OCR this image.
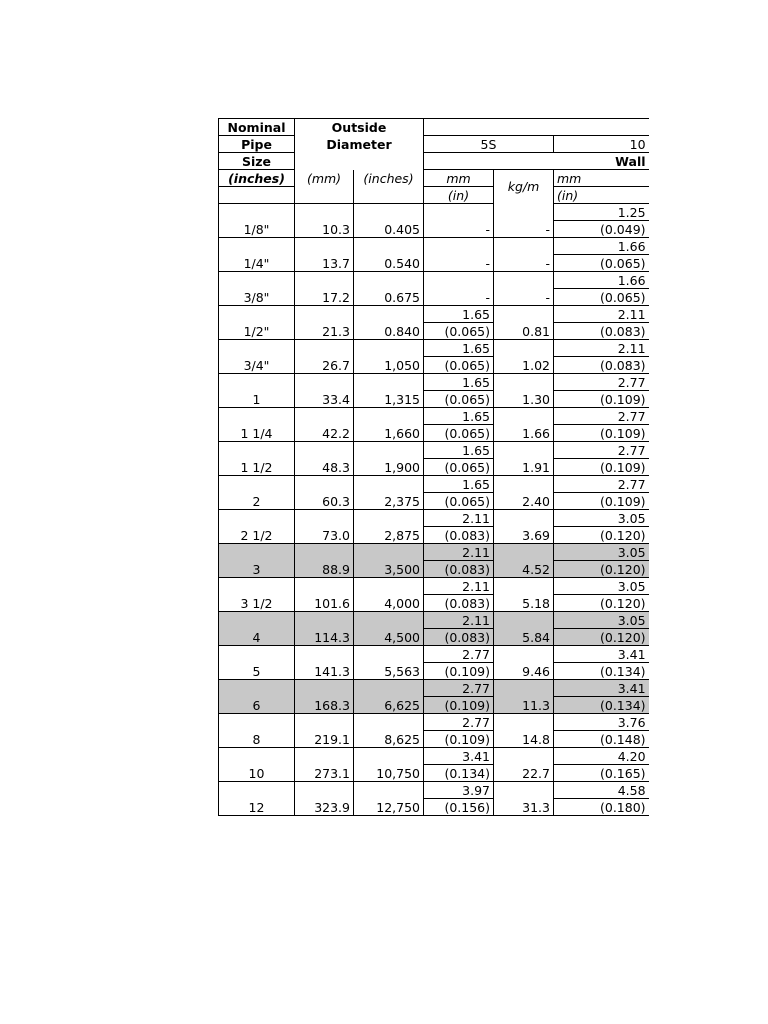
Nominal	Outside				
Pipe	Diameter		5S		10
Size			Wall		
(inches)	(mm)	(inches)	mm	kg/m	mm
			(in)		(in)
1/8"	10.3	0.405		-	1.25
			-		(0.049)
1/4"	13.7	0.540		-	1.66
			-		(0.065)
3/8"	17.2	0.675		-	1.66
			-		(0.065)
1/2"	21.3	0.840	1.65	0.81	2.11
			(0.065)		(0.083)
3/4"	26.7	1,050	1.65	1.02	2.11
			(0.065)		(0.083)
1	33.4	1,315	1.65	1.30	2.77
			(0.065)		(0.109)
1 1/4	42.2	1,660	1.65	1.66	2.77
			(0.065)		(0.109)
1 1/2	48.3	1,900	1.65	1.91	2.77
			(0.065)		(0.109)
2	60.3	2,375	1.65	2.40	2.77
			(0.065)		(0.109)
2 1/2	73.0	2,875	2.11	3.69	3.05
			(0.083)		(0.120)
3	88.9	3,500	2.11	4.52	3.05
			(0.083)		(0.120)
3 1/2	101.6	4,000	2.11	5.18	3.05
			(0.083)		(0.120)
4	114.3	4,500	2.11	5.84	3.05
			(0.083)		(0.120)
5	141.3	5,563	2.77	9.46	3.41
			(0.109)		(0.134)
6	168.3	6,625	2.77	11.3	3.41
			(0.109)		(0.134)
8	219.1	8,625	2.77	14.8	3.76
			(0.109)		(0.148)
10	273.1	10,750	3.41	22.7	4.20
			(0.134)		(0.165)
12	323.9	12,750	3.97	31.3	4.58
			(0.156)		(0.180)
